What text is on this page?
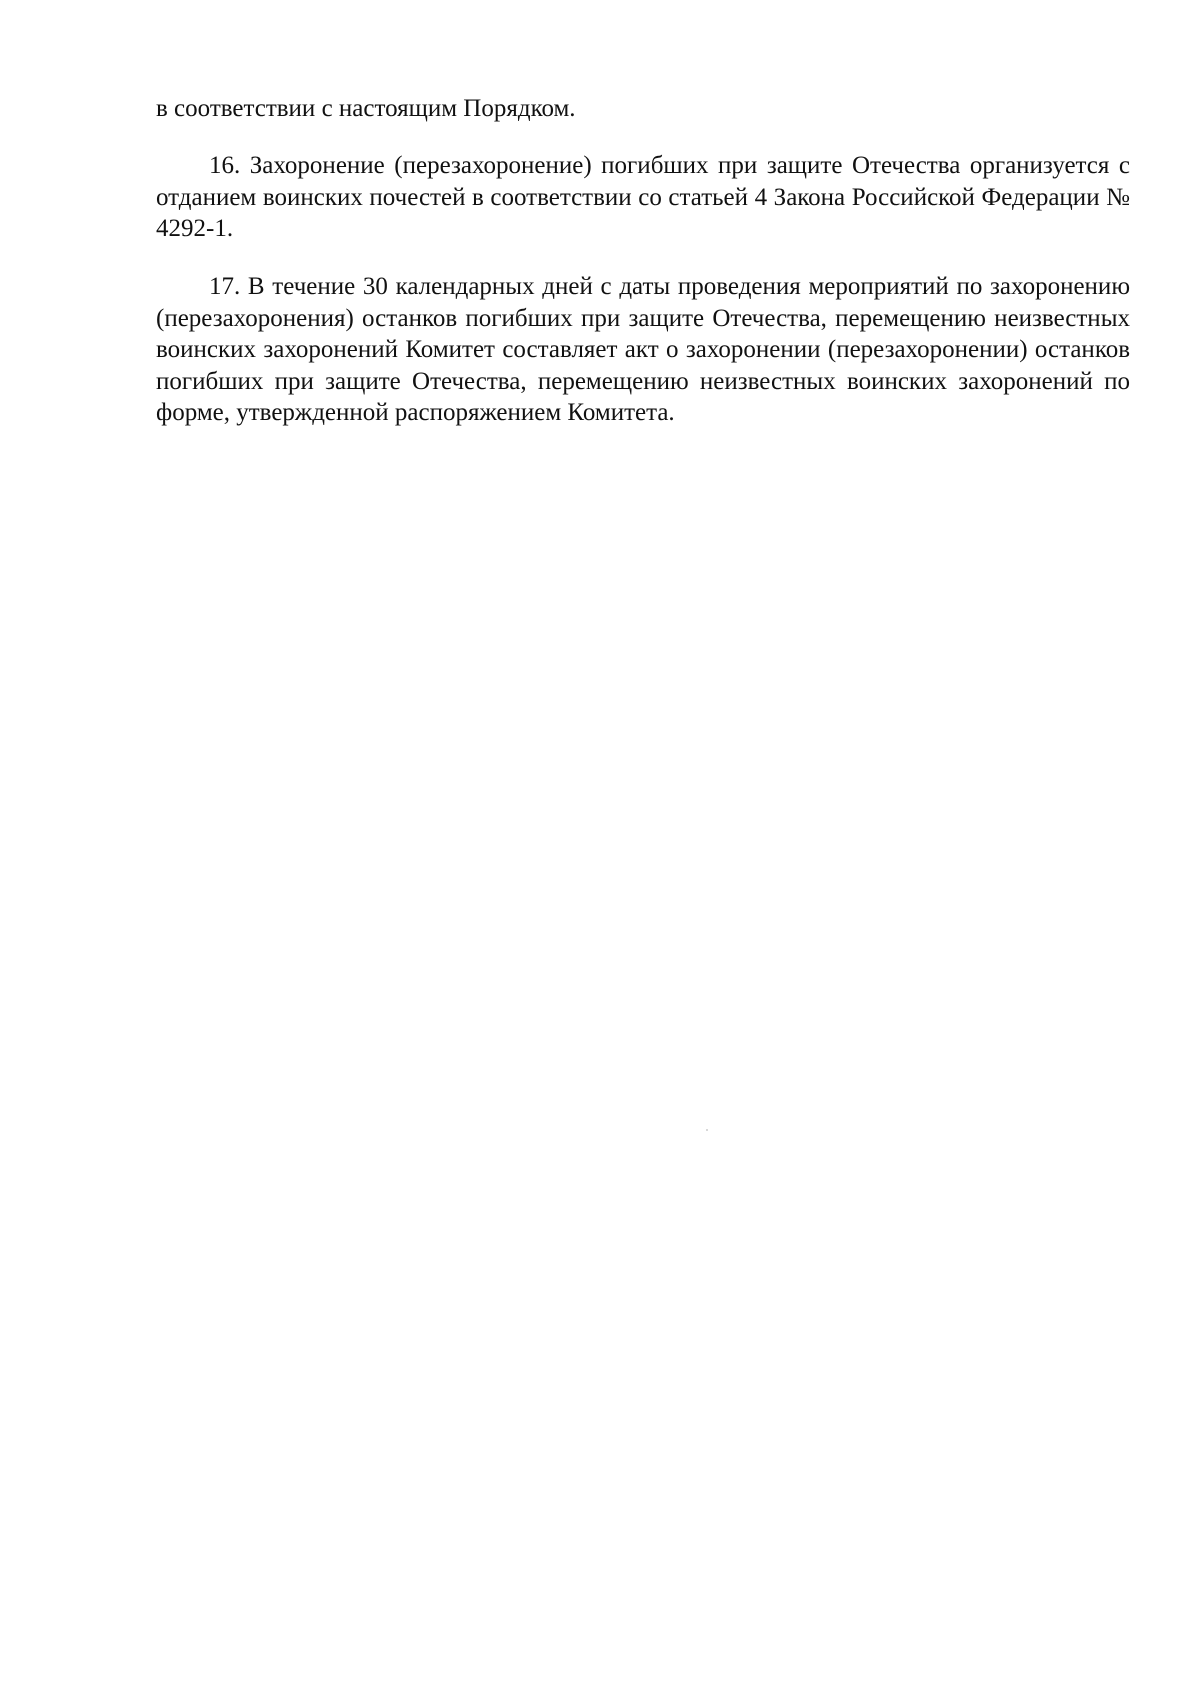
в соответствии с настоящим Порядком.

16. Захоронение (перезахоронение) погибших при защите Отечества организуется с отданием воинских почестей в соответствии со статьей 4 Закона Российской Федерации № 4292-1.

17. В течение 30 календарных дней с даты проведения мероприятий по захоронению (перезахоронения) останков погибших при защите Отечества, перемещению неизвестных воинских захоронений Комитет составляет акт о захоронении (перезахоронении) останков погибших при защите Отечества, перемещению неизвестных воинских захоронений по форме, утвержденной распоряжением Комитета.
